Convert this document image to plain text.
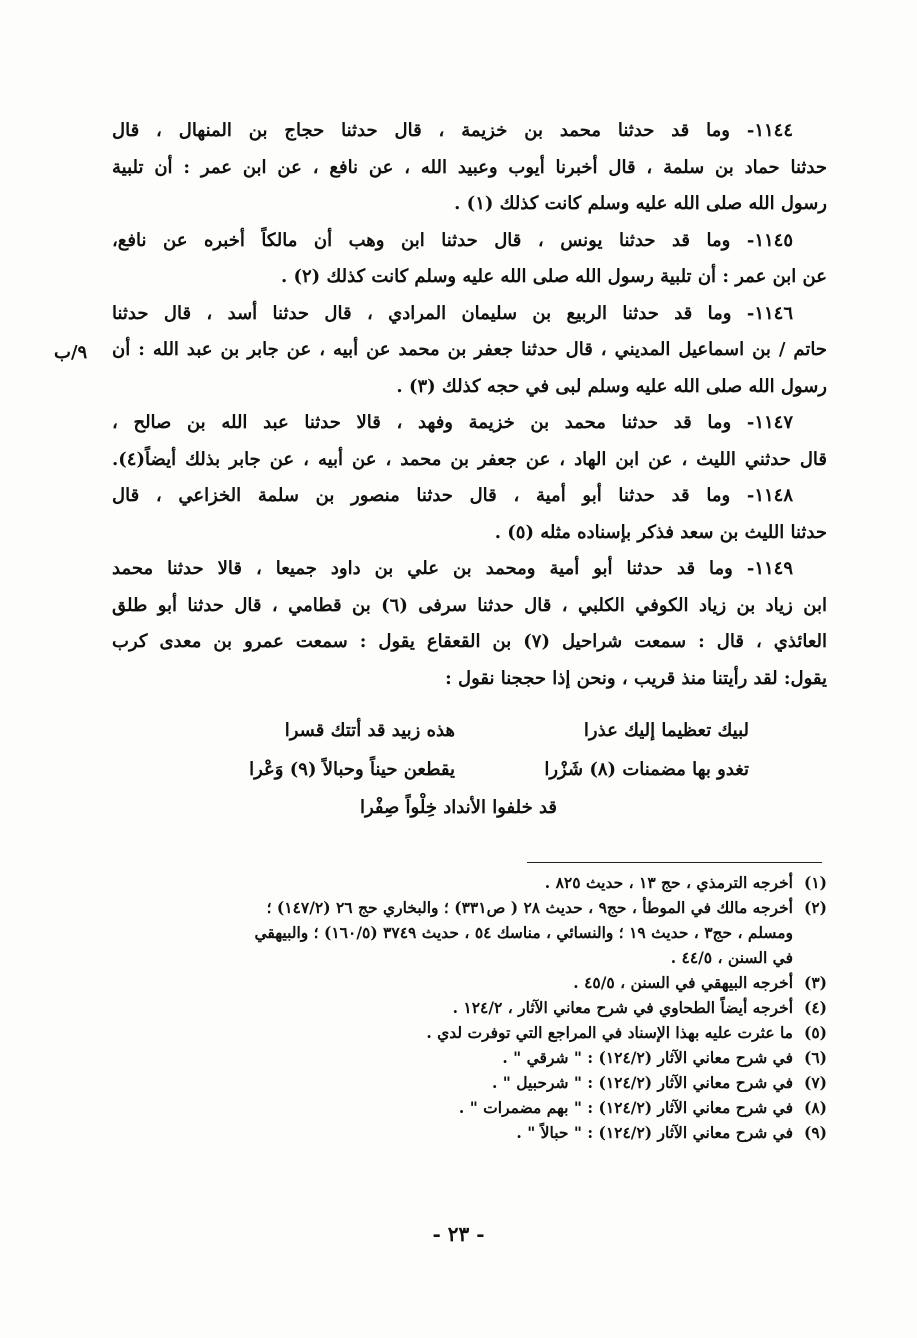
١١٤٤- وما قد حدثنا محمد بن خزيمة ، قال حدثنا حجاج بن المنهال ، قال
حدثنا حماد بن سلمة ، قال أخبرنا أيوب وعبيد الله ، عن نافع ، عن ابن عمر : أن تلبية
رسول الله صلى الله عليه وسلم كانت كذلك (١) .
١١٤٥- وما قد حدثنا يونس ، قال حدثنا ابن وهب أن مالكاً أخبره عن نافع،
عن ابن عمر : أن تلبية رسول الله صلى الله عليه وسلم كانت كذلك (٢) .
١١٤٦- وما قد حدثنا الربيع بن سليمان المرادي ، قال حدثنا أسد ، قال حدثنا
حاتم / بن اسماعيل المديني ، قال حدثنا جعفر بن محمد عن أبيه ، عن جابر بن عبد الله : أن
رسول الله صلى الله عليه وسلم لبى في حجه كذلك (٣) .
١١٤٧- وما قد حدثنا محمد بن خزيمة وفهد ، قالا حدثنا عبد الله بن صالح ،
قال حدثني الليث ، عن ابن الهاد ، عن جعفر بن محمد ، عن أبيه ، عن جابر بذلك أيضاً(٤).
١١٤٨- وما قد حدثنا أبو أمية ، قال حدثنا منصور بن سلمة الخزاعي ، قال
حدثنا الليث بن سعد فذكر بإسناده مثله (٥) .
١١٤٩- وما قد حدثنا أبو أمية ومحمد بن علي بن داود جميعا ، قالا حدثنا محمد
ابن زياد بن زياد الكوفي الكلبي ، قال حدثنا سرفى (٦) بن قطامي ، قال حدثنا أبو طلق
العائذي ، قال : سمعت شراحيل (٧) بن القعقاع يقول : سمعت عمرو بن معدى كرب
يقول: لقد رأيتنا منذ قريب ، ونحن إذا حججنا نقول :
٩/ب
لبيك تعظيما إليك عذرا
هذه زبيد قد أتتك قسرا
تغدو بها مضمنات (٨) شَزْرا
يقطعن حيناً وحبالاً (٩) وَعْرا
قد خلفوا الأنداد خِلْواً صِفْرا
(١)أخرجه الترمذي ، حج ١٣ ، حديث ٨٢٥ .
(٢)أخرجه مالك في الموطأ ، حج٩ ، حديث ٢٨ ( ص٣٣١) ؛ والبخاري حج ٢٦ (١٤٧/٢) ؛
ومسلم ، حج٣ ، حديث ١٩ ؛ والنسائي ، مناسك ٥٤ ، حديث ٣٧٤٩ (١٦٠/٥) ؛ والبيهقي
في السنن ، ٤٤/٥ .
(٣)أخرجه البيهقي في السنن ، ٤٥/٥ .
(٤)أخرجه أيضاً الطحاوي في شرح معاني الآثار ، ١٢٤/٢ .
(٥)ما عثرت عليه بهذا الإسناد في المراجع التي توفرت لدي .
(٦)في شرح معاني الآثار (١٢٤/٢) : " شرقي " .
(٧)في شرح معاني الآثار (١٢٤/٢) : " شرحبيل " .
(٨)في شرح معاني الآثار (١٢٤/٢) : " بهم مضمرات " .
(٩)في شرح معاني الآثار (١٢٤/٢) : " حبالاً " .
- ٢٣ -
